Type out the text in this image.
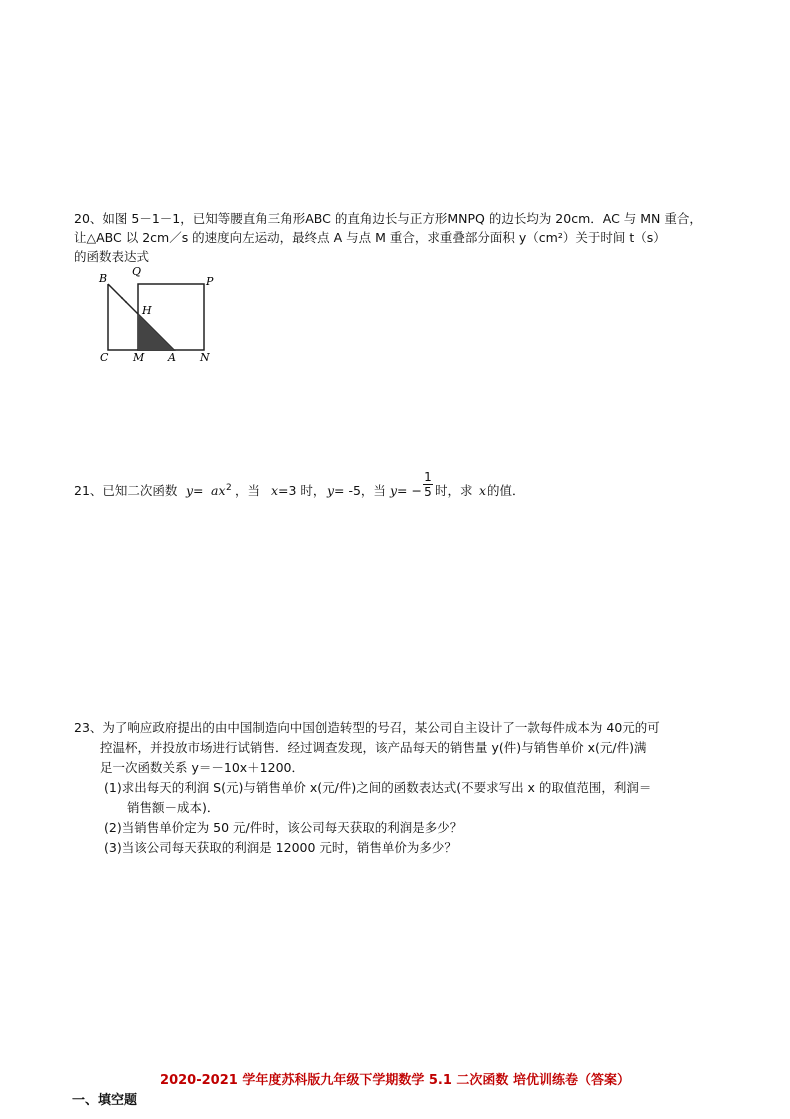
20、如图 5－1－1，已知等腰直角三角形ABC 的直角边长与正方形MNPQ 的边长均为 20cm．AC 与 MN 重合，
让△ABC 以 2cm／s 的速度向左运动，最终点 A 与点 M 重合，求重叠部分面积 y（cm²）关于时间 t（s）
的函数表达式
B
Q
P
H
C M A N
21、已知二次函数 y = ax 2 ，当 x =3 时， y = -5，当 y = −
1
5 时，求 x 的值．
23、为了响应政府提出的由中国制造向中国创造转型的号召，某公司自主设计了一款每件成本为 40元的可
控温杯，并投放市场进行试销售．经过调查发现，该产品每天的销售量 y(件)与销售单价 x(元/件)满
足一次函数关系 y＝－10x＋1200．
(1)求出每天的利润 S(元)与销售单价 x(元/件)之间的函数表达式(不要求写出 x 的取值范围，利润＝
销售额－成本)．
(2)当销售单价定为 50 元/件时，该公司每天获取的利润是多少？
(3)当该公司每天获取的利润是 12000 元时，销售单价为多少？
2020-2021 学年度苏科版九年级下学期数学 5.1 二次函数 培优训练卷（答案）
一、填空题
